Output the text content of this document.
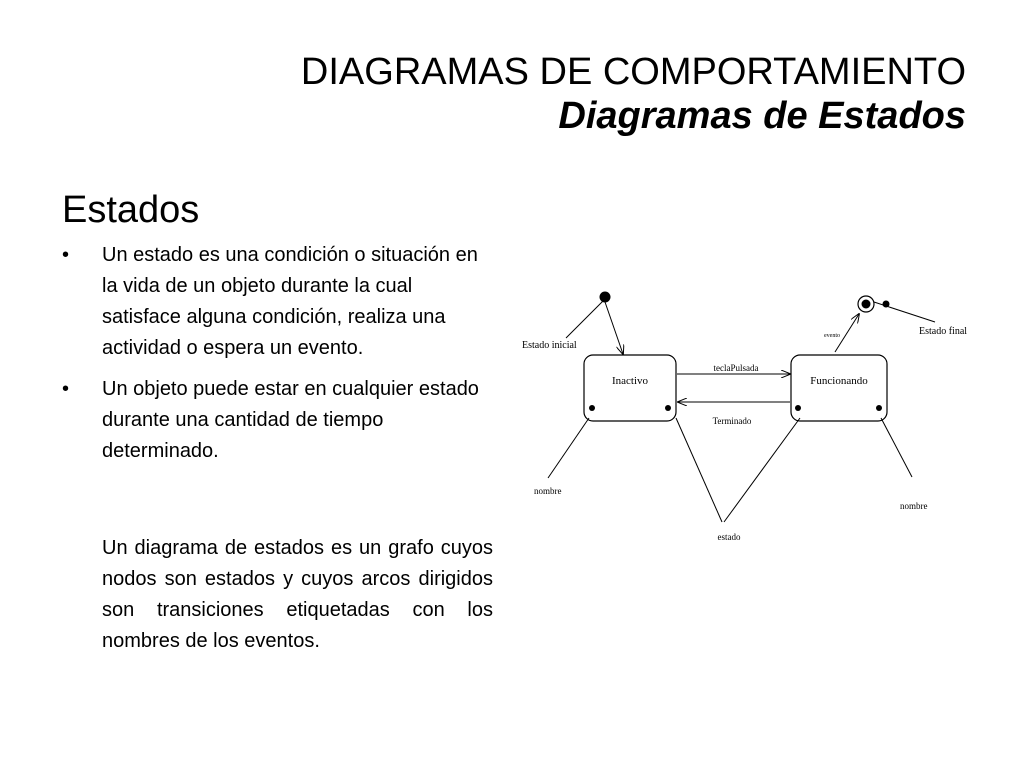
DIAGRAMAS DE COMPORTAMIENTO
Diagramas de Estados
Estados
• Un estado es una condición o situación en la vida de un objeto durante la cual satisface alguna condición, realiza una actividad o espera un evento.
• Un objeto puede estar en cualquier estado durante una cantidad de tiempo determinado.

Un diagrama de estados es un grafo cuyos nodos son estados y cuyos arcos dirigidos son transiciones etiquetadas con los nombres de los eventos.

Estado inicial
evento	Estado final
Inactivo	Funcionando
teclaPulsada
Terminado
nombre
nombre
estado
